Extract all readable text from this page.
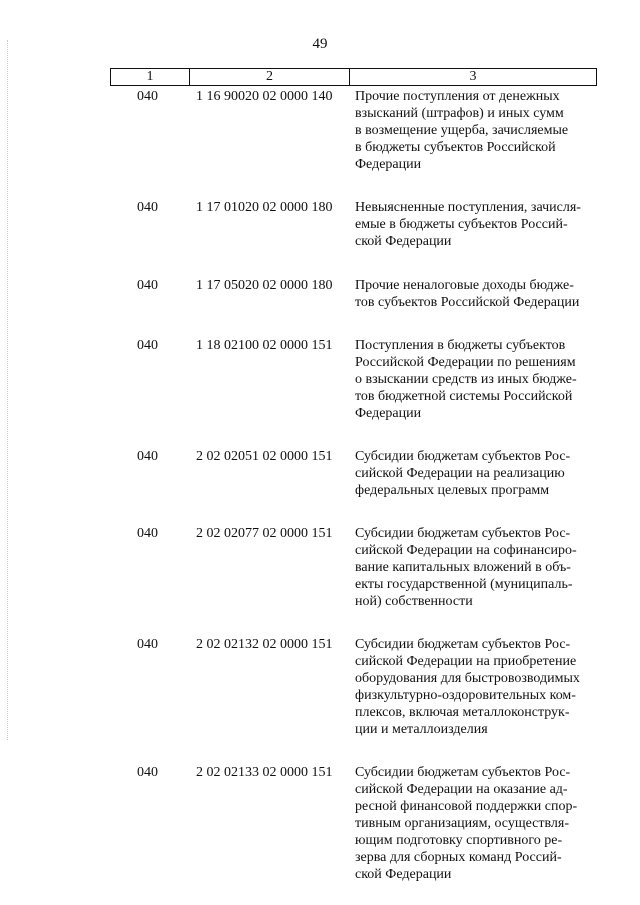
49
1	2	3
040	1 16 90020 02 0000 140 Прочие поступления от денежных
взысканий (штрафов) и иных сумм
в возмещение ущерба, зачисляемые
в бюджеты субъектов Российской
Федерации
040	1 17 01020 02 0000 180 Невыясненные поступления, зачисля-
емые в бюджеты субъектов Россий-
ской Федерации
040	1 17 05020 02 0000 180 Прочие неналоговые доходы бюдже-
тов субъектов Российской Федерации
040	1 18 02100 02 0000 151 Поступления в бюджеты субъектов
Российской Федерации по решениям
о взыскании средств из иных бюдже-
тов бюджетной системы Российской
Федерации
040	2 02 02051 02 0000 151 Субсидии бюджетам субъектов Рос-
сийской Федерации на реализацию
федеральных целевых программ
040	2 02 02077 02 0000 151 Субсидии бюджетам субъектов Рос-
сийской Федерации на софинансиро-
вание капитальных вложений в объ-
екты государственной (муниципаль-
ной) собственности
040	2 02 02132 02 0000 151 Субсидии бюджетам субъектов Рос-
сийской Федерации на приобретение
оборудования для быстровозводимых
физкультурно-оздоровительных ком-
плексов, включая металлоконструк-
ции и металлоизделия
040	2 02 02133 02 0000 151 Субсидии бюджетам субъектов Рос-
сийской Федерации на оказание ад-
ресной финансовой поддержки спор-
тивным организациям, осуществля-
ющим подготовку спортивного ре-
зерва для сборных команд Россий-
ской Федерации
